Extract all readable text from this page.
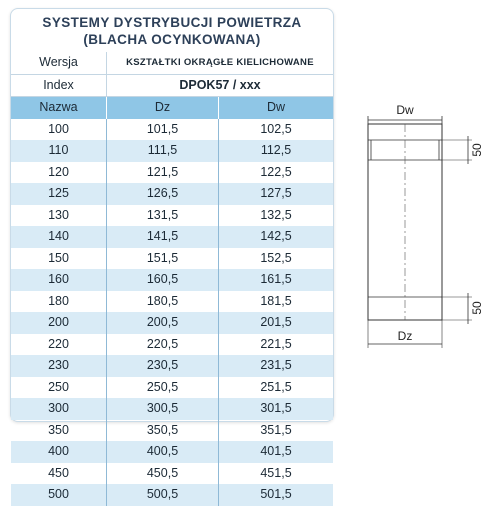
SYSTEMY DYSTRYBUCJI POWIETRZA
(BLACHA OCYNKOWANA)
Wersja	KSZTAŁTKI OKRĄGŁE KIELICHOWANE
Index	DPOK57 / xxx
Nazwa	Dz	Dw
100	101,5	102,5
110	111,5	112,5
120	121,5	122,5
125	126,5	127,5
130	131,5	132,5
140	141,5	142,5
150	151,5	152,5
160	160,5	161,5
180	180,5	181,5
200	200,5	201,5
220	220,5	221,5
230	230,5	231,5
250	250,5	251,5
300	300,5	301,5
350	350,5	351,5
400	400,5	401,5
450	450,5	451,5
500	500,5	501,5
Dw
Dz
50
50
